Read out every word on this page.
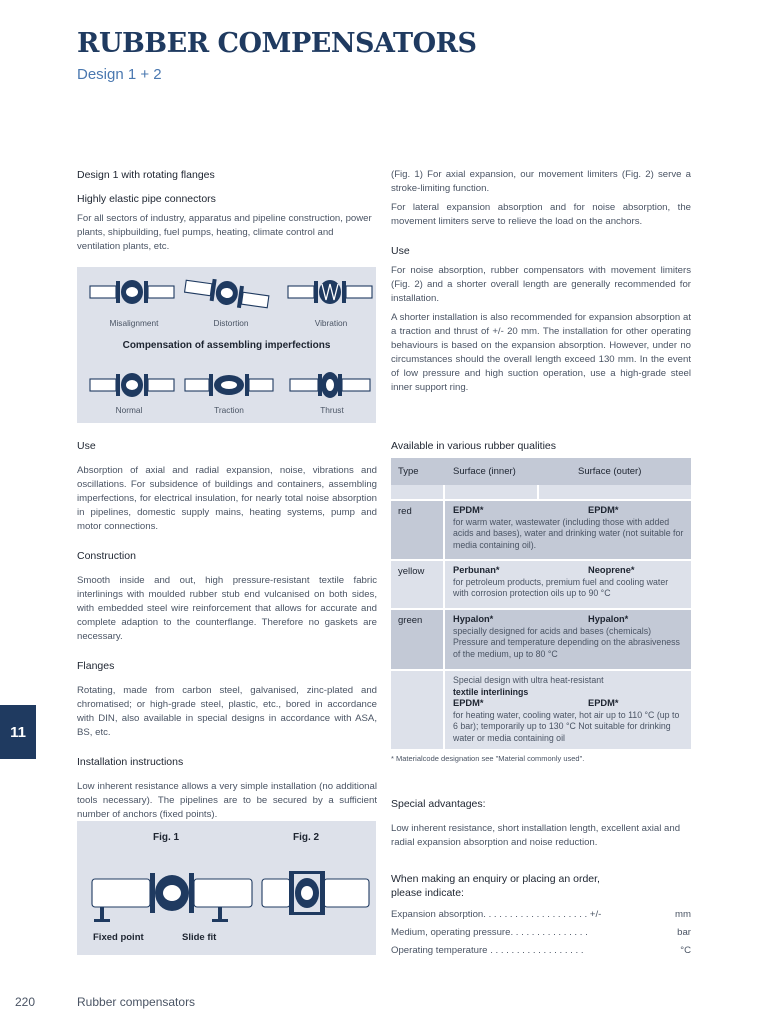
RUBBER COMPENSATORS
Design 1 + 2
Design 1 with rotating flanges
Highly elastic pipe connectors
For all sectors of industry, apparatus and pipeline construction, power plants, shipbuilding, fuel pumps, heating, climate control and ventilation plants, etc.
Misalignment	Distortion	Vibration
Compensation of assembling imperfections
Normal	Traction	Thrust
Use
Absorption of axial and radial expansion, noise, vibrations and oscillations. For subsidence of buildings and containers, assembling imperfections, for electrical insulation, for nearly total noise absorption in pipelines, domestic supply mains, heating systems, pump and motor connections.
Construction
Smooth inside and out, high pressure-resistant textile fabric interlinings with moulded rubber stub end vulcanised on both sides, with embedded steel wire reinforcement that allows for accurate and complete adaption to the counterflange. Therefore no gaskets are necessary.
Flanges
Rotating, made from carbon steel, galvanised, zinc-plated and chromatised; or high-grade steel, plastic, etc., bored in accordance with DIN, also available in special designs in accordance with ASA, BS, etc.
Installation instructions
Low inherent resistance allows a very simple installation (no additional tools necessary). The pipelines are to be secured by a sufficient number of anchors (fixed points).
Fig. 1	Fig. 2
Fixed point	Slide fit
(Fig. 1) For axial expansion, our movement limiters (Fig. 2) serve a stroke-limiting function.
For lateral expansion absorption and for noise absorption, the movement limiters serve to relieve the load on the anchors.
Use
For noise absorption, rubber compensators with movement limiters (Fig. 2) and a shorter overall length are generally recommended for installation.
A shorter installation is also recommended for expansion absorption at a traction and thrust of +/- 20 mm. The installation for other operating behaviours is based on the expansion absorption. However, under no circumstances should the overall length exceed 130 mm. In the event of low pressure and high suction operation, use a high-grade steel inner support ring.
Available in various rubber qualities
Type	Surface (inner)	Surface (outer)
red	EPDM*	EPDM*
for warm water, wastewater (including those with added acids and bases), water and drinking water (not suitable for media containing oil).
yellow	Perbunan*	Neoprene*
for petroleum products, premium fuel and cooling water with corrosion protection oils up to 90 °C
green	Hypalon*	Hypalon*
specially designed for acids and bases (chemicals) Pressure and temperature depending on the abrasiveness of the medium, up to 80 °C
Special design with ultra heat-resistant
textile interlinings
EPDM*	EPDM*
for heating water, cooling water, hot air up to 110 °C (up to 6 bar); temporarily up to 130 °C Not suitable for drinking water or media containing oil
* Materialcode designation see "Material commonly used".
Special advantages:
Low inherent resistance, short installation length, excellent axial and radial expansion absorption and noise reduction.
When making an enquiry or placing an order, please indicate:
Expansion absorption. . . . . . . . . . . . . . . . . . . . +/-	mm
Medium, operating pressure. . . . . . . . . . . . . . .	bar
Operating temperature . . . . . . . . . . . . . . . . . .	°C
11
220	Rubber compensators
